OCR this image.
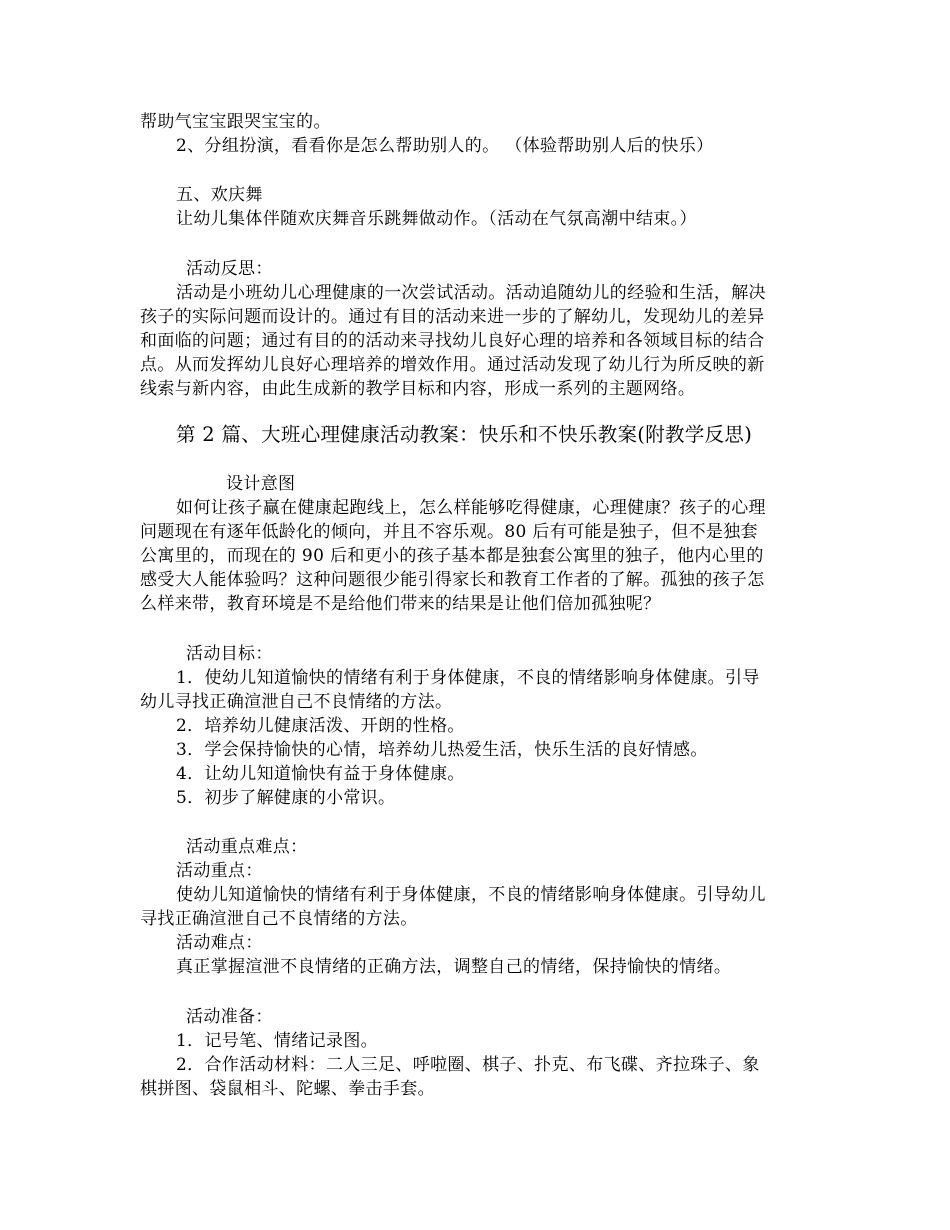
帮助气宝宝跟哭宝宝的。
2、分组扮演，看看你是怎么帮助别人的。 （体验帮助别人后的快乐）
五、欢庆舞
让幼儿集体伴随欢庆舞音乐跳舞做动作。（活动在气氛高潮中结束。）
活动反思：
活动是小班幼儿心理健康的一次尝试活动。活动追随幼儿的经验和生活，解决
孩子的实际问题而设计的。通过有目的活动来进一步的了解幼儿，发现幼儿的差异
和面临的问题；通过有目的的活动来寻找幼儿良好心理的培养和各领域目标的结合
点。从而发挥幼儿良好心理培养的增效作用。通过活动发现了幼儿行为所反映的新
线索与新内容，由此生成新的教学目标和内容，形成一系列的主题网络。
第 2 篇、大班心理健康活动教案：快乐和不快乐教案(附教学反思)
设计意图
如何让孩子赢在健康起跑线上，怎么样能够吃得健康，心理健康？孩子的心理
问题现在有逐年低龄化的倾向，并且不容乐观。80 后有可能是独子，但不是独套
公寓里的，而现在的 90 后和更小的孩子基本都是独套公寓里的独子，他内心里的
感受大人能体验吗？这种问题很少能引得家长和教育工作者的了解。孤独的孩子怎
么样来带，教育环境是不是给他们带来的结果是让他们倍加孤独呢？
活动目标：
1．使幼儿知道愉快的情绪有利于身体健康，不良的情绪影响身体健康。引导
幼儿寻找正确渲泄自己不良情绪的方法。
2．培养幼儿健康活泼、开朗的性格。
3．学会保持愉快的心情，培养幼儿热爱生活，快乐生活的良好情感。
4．让幼儿知道愉快有益于身体健康。
5．初步了解健康的小常识。
活动重点难点：
活动重点：
使幼儿知道愉快的情绪有利于身体健康，不良的情绪影响身体健康。引导幼儿
寻找正确渲泄自己不良情绪的方法。
活动难点：
真正掌握渲泄不良情绪的正确方法，调整自己的情绪，保持愉快的情绪。
活动准备：
1．记号笔、情绪记录图。
2．合作活动材料：二人三足、呼啦圈、棋子、扑克、布飞碟、齐拉珠子、象
棋拼图、袋鼠相斗、陀螺、拳击手套。
